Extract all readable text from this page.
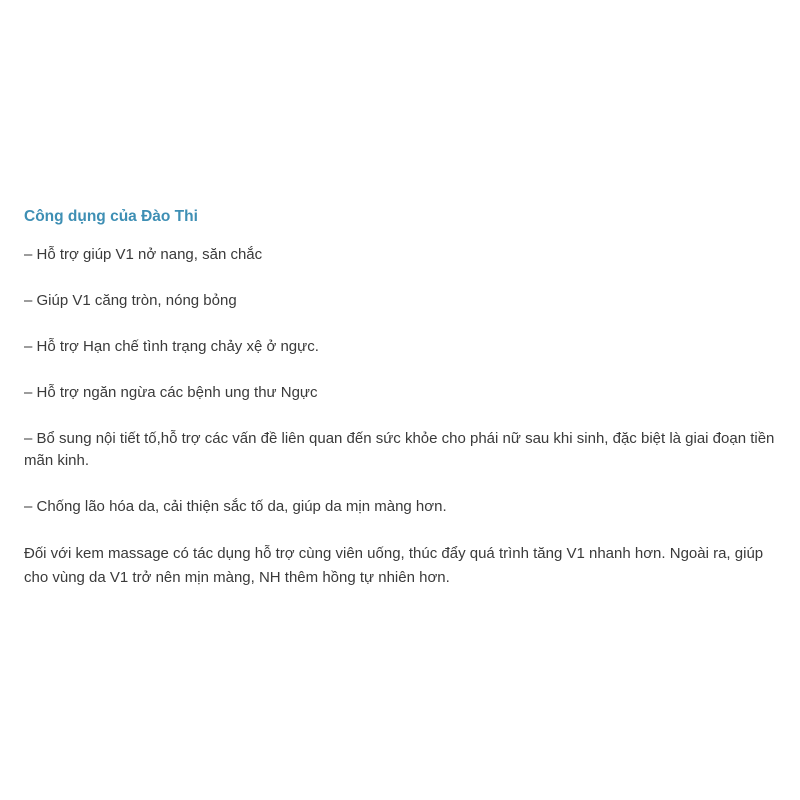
Công dụng của Đào Thi
– Hỗ trợ giúp V1 nở nang, săn chắc
– Giúp V1 căng tròn, nóng bỏng
– Hỗ trợ Hạn chế tình trạng chảy xệ ở ngực.
– Hỗ trợ ngăn ngừa các bệnh ung thư Ngực
– Bổ sung nội tiết tố,hỗ trợ các vấn đề liên quan đến sức khỏe cho phái nữ sau khi sinh, đặc biệt là giai đoạn tiền mãn kinh.
– Chống lão hóa da, cải thiện sắc tố da, giúp da mịn màng hơn.

Đối với kem massage có tác dụng hỗ trợ cùng viên uống, thúc đẩy quá trình tăng V1 nhanh hơn. Ngoài ra, giúp cho vùng da V1 trở nên mịn màng, NH thêm hồng tự nhiên hơn.
